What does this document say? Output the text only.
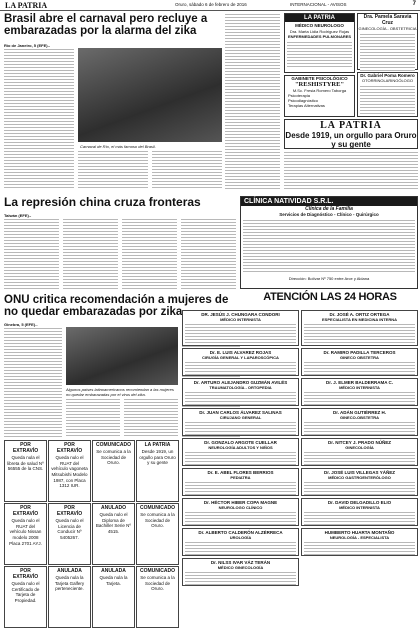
LA PATRIA	Oruro, sábado 6 de febrero de 2016	INTERNACIONAL - AVISOS	7
Brasil abre el carnaval pero recluye a embarazadas por la alarma del zika
Río de Janeiro, 5 (EFE).-
Carnaval de Río, el más famoso del Brasil.
LA PATRIA
MÉDICO NEUROLOGO
Dra. Marta Lidia Rodríguez Rojas
ENFERMEDADES PULMONARES
GABINETE PSICOLÓGICO
"RESHISTYRE"
M.Sc. Fresia Romero Taborga
Psicoterapia
Psicodiagnóstico
Terapias Alternativas
Dra. Pamela Saravia Cruz
GINECOLOGÍA - OBSTETRICIA
Dr. Gabriel Poma Romero
OTORRINOLARINGÓLOGO
LA PATRIA
Desde 1919, un orgullo para Oruro y su gente
La represión china cruza fronteras
Taiwán (EFE).-
CLÍNICA NATIVIDAD S.R.L.
Clínica de la Familia
Servicios de Diagnóstico - Clínico - Quirúrgico
Dirección: Bolívar Nº 750 entre Arce y Aldana
ONU critica recomendación a mujeres de no quedar embarazadas por zika
Ginebra, 5 (EFE).-
Algunos países latinoamericanos recomiendan a las mujeres no quedar embarazadas por el virus del zika.
ATENCIÓN LAS 24 HORAS
DR. JESÚS J. CHUNGARA CONDORI
MÉDICO INTERNISTA
Dr. JOSÉ A. ORTIZ ORTEGA
ESPECIALISTA EN MEDICINA INTERNA
Dr. E. LUIS ALVAREZ ROJAS
CIRUGÍA GENERAL Y LAPAROSCÓPICA
Dr. RAMIRO PADILLA TERCEROS
GINECO OBSTETRA
Dr. ARTURO ALEJANDRO GUZMÁN AVILÉS
TRAUMATOLOGÍA - ORTOPEDIA
Dr. J. ELMER BALDERRAMA C.
MÉDICO INTERNISTA
Dr. JUAN CARLOS ÁLVAREZ SALINAS
CIRUJANO GENERAL
Dr. ADÁN GUTIÉRREZ H.
GINECO-OBSTETRA
Dr. GONZALO ARGOTE CUELLAR
NEUROLOGÍA ADULTOS Y NIÑOS
Dr. NITCEY J. PRADO NÚÑEZ
GINECOLOGÍA
Dr. E. ABEL FLORES BERRIOS
PEDIATRA
Dr. JOSÉ LUIS VILLEGAS YÁÑEZ
MÉDICO GASTROENTERÓLOGO
Dr. HÉCTOR HIBER COPA MAGNE
NEUROLOGO CLÍNICO
Dr. DAVID DELGADILLO ELIO
MÉDICO INTERNISTA
Dr. ALBERTO CALDERÓN ALZÉRRECA
UROLOGÍA
HUMBERTO HUARTA MONTAÑO
NEUROLOGÍA - ESPECIALISTA
Dr. NILSS IVAR VÁZ TERÁN
MÉDICO GINECOLOGÍA
POR EXTRAVÍO
Queda nula el libreta de salud Nº 56555 de la CNS.
POR EXTRAVÍO
Queda nulo el RUAT del vehículo vagoneta Mitsubishi Modelo 1987, con Placa 1312 IUR.
COMUNICADO
Se comunica a la Sociedad de Oruro.
LA PATRIA
Desde 1919, un orgullo para Oruro y su gente
POR EXTRAVÍO
Queda nulo el RUAT del vehículo Nissan modelo 2008 Placa 2701 AYJ.
POR EXTRAVÍO
Queda nulo el Licencia de Conducir Nº 5405267.
ANULADO
Queda nulo el Diploma de Bachiller Serie Nº 4515.
COMUNICADO
Se comunica a la Sociedad de Oruro.
POR EXTRAVÍO
Queda nulo el Certificado de Tarjeta de Propiedad.
ANULADA
Queda nula la Tarjeta Galfery perteneciente.
ANULADA
Queda nula la Tarjeta.
COMUNICADO
Se comunica a la Sociedad de Oruro.
